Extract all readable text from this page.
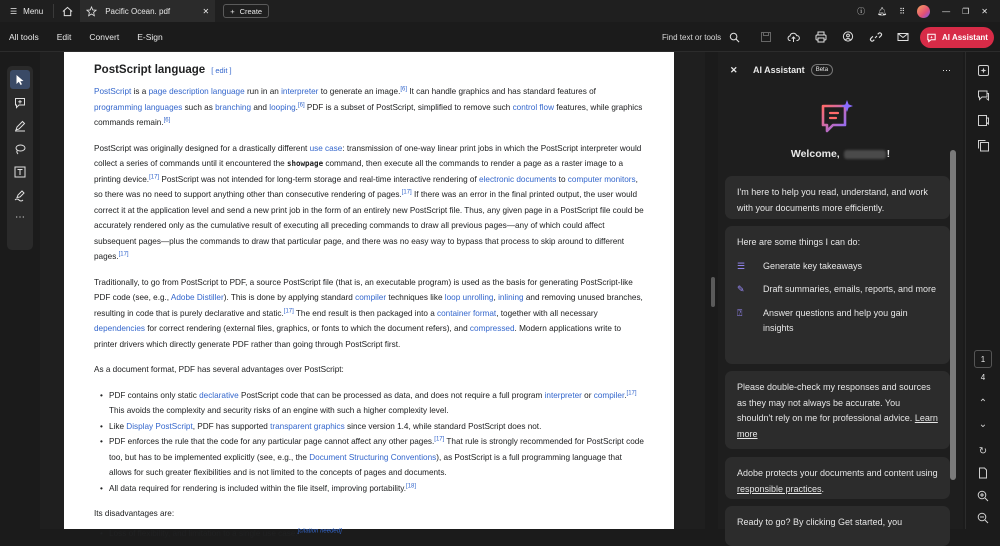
☰ Menu	Pacific Ocean. pdf	✕	+ Create	ⓘ 🔔︎ ⠿	— ❐ ✕
All tools	Edit	Convert	E-Sign	Find text or tools	AI Assistant
⋯
PostScript language [ edit ]

PostScript is a page description language run in an interpreter to generate an image.[6] It can handle graphics and has standard features of programming languages such as branching and looping.[6] PDF is a subset of PostScript, simplified to remove such control flow features, while graphics commands remain.[6]

PostScript was originally designed for a drastically different use case: transmission of one-way linear print jobs in which the PostScript interpreter would collect a series of commands until it encountered the showpage command, then execute all the commands to render a page as a raster image to a printing device.[17] PostScript was not intended for long-term storage and real-time interactive rendering of electronic documents to computer monitors, so there was no need to support anything other than consecutive rendering of pages.[17] If there was an error in the final printed output, the user would correct it at the application level and send a new print job in the form of an entirely new PostScript file. Thus, any given page in a PostScript file could be accurately rendered only as the cumulative result of executing all preceding commands to draw all previous pages—any of which could affect subsequent pages—plus the commands to draw that particular page, and there was no easy way to bypass that process to skip around to different pages.[17]

Traditionally, to go from PostScript to PDF, a source PostScript file (that is, an executable program) is used as the basis for generating PostScript-like PDF code (see, e.g., Adobe Distiller). This is done by applying standard compiler techniques like loop unrolling, inlining and removing unused branches, resulting in code that is purely declarative and static.[17] The end result is then packaged into a container format, together with all necessary dependencies for correct rendering (external files, graphics, or fonts to which the document refers), and compressed. Modern applications write to printer drivers which directly generate PDF rather than going through PostScript first.

As a document format, PDF has several advantages over PostScript:

• PDF contains only static declarative PostScript code that can be processed as data, and does not require a full program interpreter or compiler.[17] This avoids the complexity and security risks of an engine with such a higher complexity level.
• Like Display PostScript, PDF has supported transparent graphics since version 1.4, while standard PostScript does not.
• PDF enforces the rule that the code for any particular page cannot affect any other pages.[17] That rule is strongly recommended for PostScript code too, but has to be implemented explicitly (see, e.g., the Document Structuring Conventions), as PostScript is a full programming language that allows for such greater flexibilities and is not limited to the concepts of pages and documents.
• All data required for rendering is included within the file itself, improving portability.[18]

Its disadvantages are:

• Loss of flexibility, and limitation to a single use case.[citation needed]
✕	AI Assistant	Beta	⋯
Welcome,	!
I'm here to help you read, understand, and work with your documents more efficiently.
Here are some things I can do:
☰	Generate key takeaways
✎	Draft summaries, emails, reports, and more
⍰	Answer questions and help you gain insights
Please double-check my responses and sources as they may not always be accurate. You shouldn't rely on me for professional advice. Learn more
Adobe protects your documents and content using responsible practices.
Ready to go? By clicking Get started, you
1
4
⌃
⌄
↻
